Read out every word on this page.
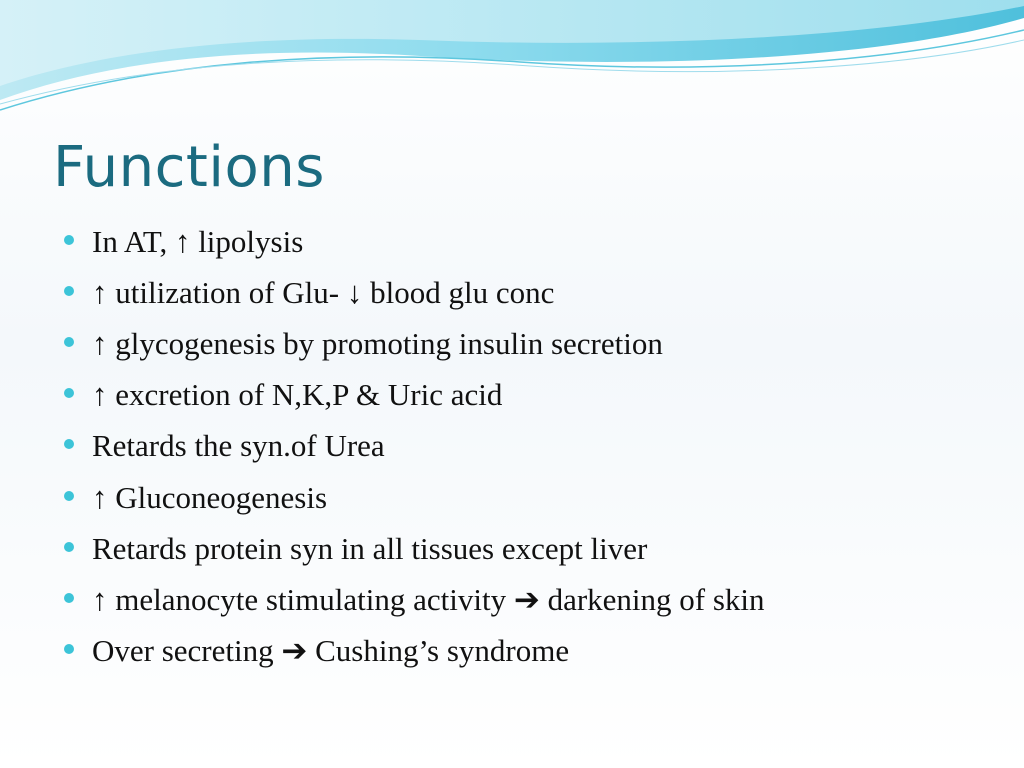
Functions
In AT, ↑ lipolysis
↑ utilization of Glu- ↓ blood glu conc
↑ glycogenesis by promoting insulin secretion
↑ excretion of N,K,P & Uric acid
Retards the syn.of Urea
↑ Gluconeogenesis
Retards protein syn in all tissues except liver
↑ melanocyte stimulating activity ➔ darkening of skin
Over secreting ➔ Cushing’s syndrome
